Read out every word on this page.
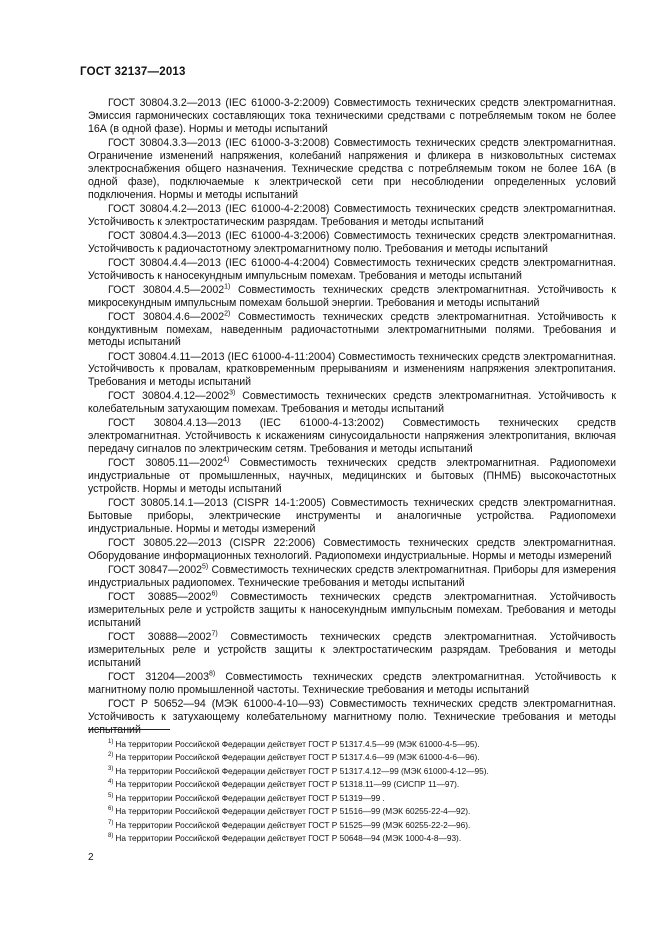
ГОСТ 32137—2013

ГОСТ 30804.3.2—2013 (IEC 61000-3-2:2009) Совместимость технических средств электромагнитная. Эмиссия гармонических составляющих тока техническими средствами с потребляемым током не более 16А (в одной фазе). Нормы и методы испытаний

ГОСТ 30804.3.3—2013 (IEC 61000-3-3:2008) Совместимость технических средств электромагнитная. Ограничение изменений напряжения, колебаний напряжения и фликера в низковольтных системах электроснабжения общего назначения. Технические средства с потребляемым током не более 16А (в одной фазе), подключаемые к электрической сети при несоблюдении определенных условий подключения. Нормы и методы испытаний

ГОСТ 30804.4.2—2013 (IEC 61000-4-2:2008) Совместимость технических средств электромагнитная. Устойчивость к электростатическим разрядам. Требования и методы испытаний

ГОСТ 30804.4.3—2013 (IEC 61000-4-3:2006) Совместимость технических средств электромагнитная. Устойчивость к радиочастотному электромагнитному полю. Требования и методы испытаний

ГОСТ 30804.4.4—2013 (IEC 61000-4-4:2004) Совместимость технических средств электромагнитная. Устойчивость к наносекундным импульсным помехам. Требования и методы испытаний

ГОСТ 30804.4.5—2002$^{1)}$ Совместимость технических средств электромагнитная. Устойчивость к микросекундным импульсным помехам большой энергии. Требования и методы испытаний

ГОСТ 30804.4.6—2002$^{2)}$ Совместимость технических средств электромагнитная. Устойчивость к кондуктивным помехам, наведенным радиочастотными электромагнитными полями. Требования и методы испытаний

ГОСТ 30804.4.11—2013 (IEC 61000-4-11:2004) Совместимость технических средств электромагнитная. Устойчивость к провалам, кратковременным прерываниям и изменениям напряжения электропитания. Требования и методы испытаний

ГОСТ 30804.4.12—2002$^{3)}$ Совместимость технических средств электромагнитная. Устойчивость к колебательным затухающим помехам. Требования и методы испытаний

ГОСТ 30804.4.13—2013 (IEC 61000-4-13:2002) Совместимость технических средств электромагнитная. Устойчивость к искажениям синусоидальности напряжения электропитания, включая передачу сигналов по электрическим сетям. Требования и методы испытаний

ГОСТ 30805.11—2002$^{4)}$ Совместимость технических средств электромагнитная. Радиопомехи индустриальные от промышленных, научных, медицинских и бытовых (ПНМБ) высокочастотных устройств. Нормы и методы испытаний

ГОСТ 30805.14.1—2013 (CISPR 14-1:2005) Совместимость технических средств электромагнитная. Бытовые приборы, электрические инструменты и аналогичные устройства. Радиопомехи индустриальные. Нормы и методы измерений

ГОСТ 30805.22—2013 (CISPR 22:2006) Совместимость технических средств электромагнитная. Оборудование информационных технологий. Радиопомехи индустриальные. Нормы и методы измерений

ГОСТ 30847—2002$^{5)}$ Совместимость технических средств электромагнитная. Приборы для измерения индустриальных радиопомех. Технические требования и методы испытаний

ГОСТ 30885—2002$^{6)}$ Совместимость технических средств электромагнитная. Устойчивость измерительных реле и устройств защиты к наносекундным импульсным помехам. Требования и методы испытаний

ГОСТ 30888—2002$^{7)}$ Совместимость технических средств электромагнитная. Устойчивость измерительных реле и устройств защиты к электростатическим разрядам. Требования и методы испытаний

ГОСТ 31204—2003$^{8)}$ Совместимость технических средств электромагнитная. Устойчивость к магнитному полю промышленной частоты. Технические требования и методы испытаний

ГОСТ Р 50652—94 (МЭК 61000-4-10—93) Совместимость технических средств электромагнитная. Устойчивость к затухающему колебательному магнитному полю. Технические требования и методы испытаний

$^{1)}$ На территории Российской Федерации действует ГОСТ Р 51317.4.5—99 (МЭК 61000-4-5—95).
$^{2)}$ На территории Российской Федерации действует ГОСТ Р 51317.4.6—99 (МЭК 61000-4-6—96).
$^{3)}$ На территории Российской Федерации действует ГОСТ Р 51317.4.12—99 (МЭК 61000-4-12—95).
$^{4)}$ На территории Российской Федерации действует ГОСТ Р 51318.11—99 (СИСПР 11—97).
$^{5)}$ На территории Российской Федерации действует ГОСТ Р 51319—99 .
$^{6)}$ На территории Российской Федерации действует ГОСТ Р 51516—99 (МЭК 60255-22-4—92).
$^{7)}$ На территории Российской Федерации действует ГОСТ Р 51525—99 (МЭК 60255-22-2—96).
$^{8)}$ На территории Российской Федерации действует ГОСТ Р 50648—94 (МЭК 1000-4-8—93).
2
